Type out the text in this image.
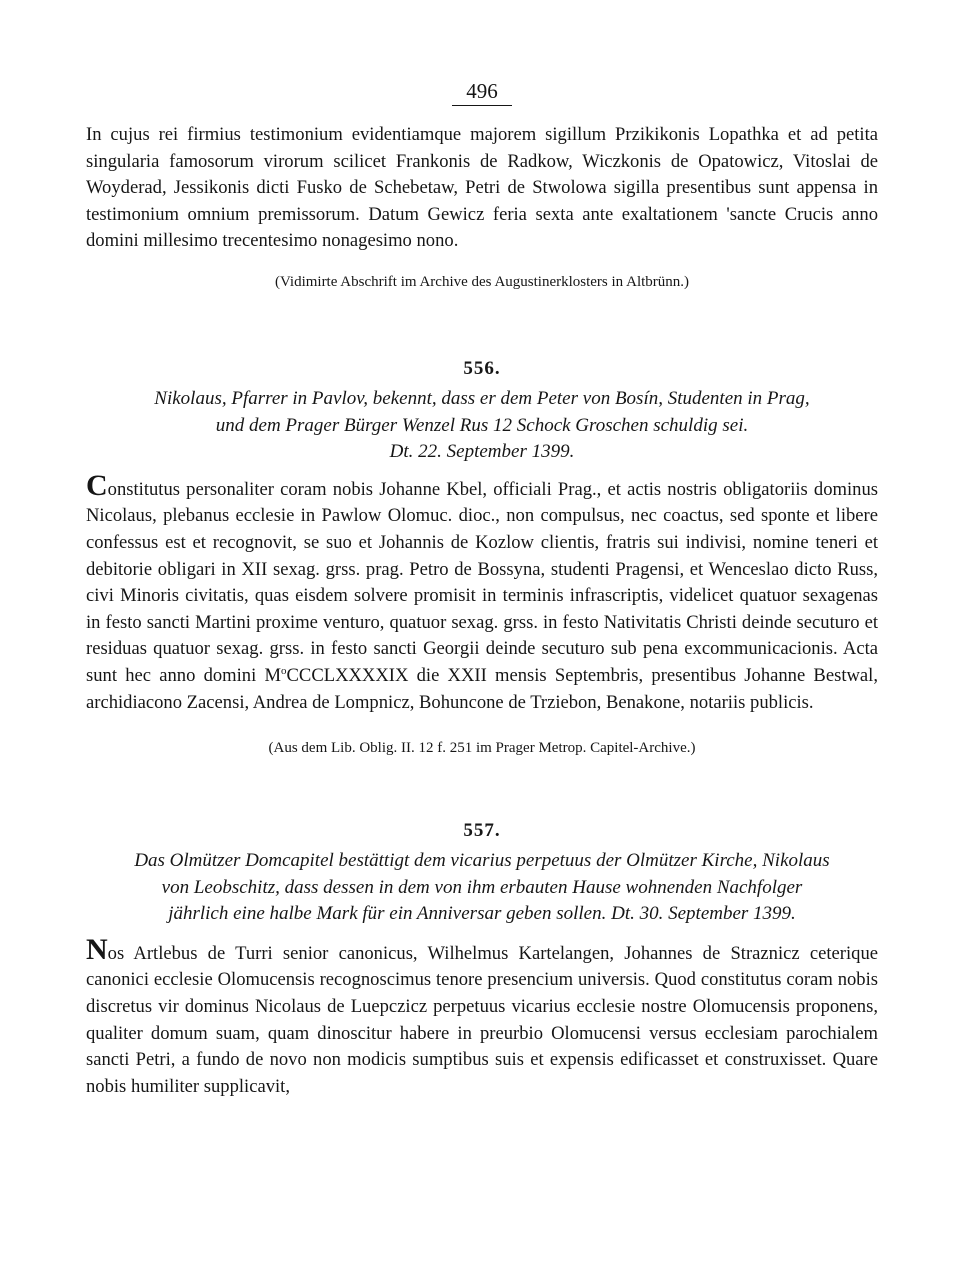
496

In cujus rei firmius testimonium evidentiamque majorem sigillum Przikikonis Lopathka et ad petita singularia famosorum virorum scilicet Frankonis de Radkow, Wiczkonis de Opatowicz, Vitoslai de Woyderad, Jessikonis dicti Fusko de Schebetaw, Petri de Stwolowa sigilla presentibus sunt appensa in testimonium omnium premissorum. Datum Gewicz feria sexta ante exaltationem 'sancte Crucis anno domini millesimo trecentesimo nonagesimo nono.

(Vidimirte Abschrift im Archive des Augustinerklosters in Altbrünn.)

556.

Nikolaus, Pfarrer in Pavlov, bekennt, dass er dem Peter von Bosín, Studenten in Prag,

und dem Prager Bürger Wenzel Rus 12 Schock Groschen schuldig sei.

Dt. 22. September 1399.

Constitutus personaliter coram nobis Johanne Kbel, officiali Prag., et actis nostris obligatoriis dominus Nicolaus, plebanus ecclesie in Pawlow Olomuc. dioc., non compulsus, nec coactus, sed sponte et libere confessus est et recognovit, se suo et Johannis de Kozlow clientis, fratris sui indivisi, nomine teneri et debitorie obligari in XII sexag. grss. prag. Petro de Bossyna, studenti Pragensi, et Wenceslao dicto Russ, civi Minoris civitatis, quas eisdem solvere promisit in terminis infrascriptis, videlicet quatuor sexagenas in festo sancti Martini proxime venturo, quatuor sexag. grss. in festo Nativitatis Christi deinde secuturo et residuas quatuor sexag. grss. in festo sancti Georgii deinde secuturo sub pena excommunicacionis. Acta sunt hec anno domini $M^oCCCLXXXXIX$ die XXII mensis Septembris, presentibus Johanne Bestwal, archidiacono Zacensi, Andrea de Lompnicz, Bohuncone de Trziebon, Benakone, notariis publicis.

(Aus dem Lib. Oblig. II. 12 f. 251 im Prager Metrop. Capitel-Archive.)

557.

Das Olmützer Domcapitel bestättigt dem vicarius perpetuus der Olmützer Kirche, Nikolaus

von Leobschitz, dass dessen in dem von ihm erbauten Hause wohnenden Nachfolger

jährlich eine halbe Mark für ein Anniversar geben sollen. Dt. 30. September 1399.

Nos Artlebus de Turri senior canonicus, Wilhelmus Kartelangen, Johannes de Straznicz ceterique canonici ecclesie Olomucensis recognoscimus tenore presencium universis. Quod constitutus coram nobis discretus vir dominus Nicolaus de Luepczicz perpetuus vicarius ecclesie nostre Olomucensis proponens, qualiter domum suam, quam dinoscitur habere in preurbio Olomucensi versus ecclesiam parochialem sancti Petri, a fundo de novo non modicis sumptibus suis et expensis edificasset et construxisset. Quare nobis humiliter supplicavit,
